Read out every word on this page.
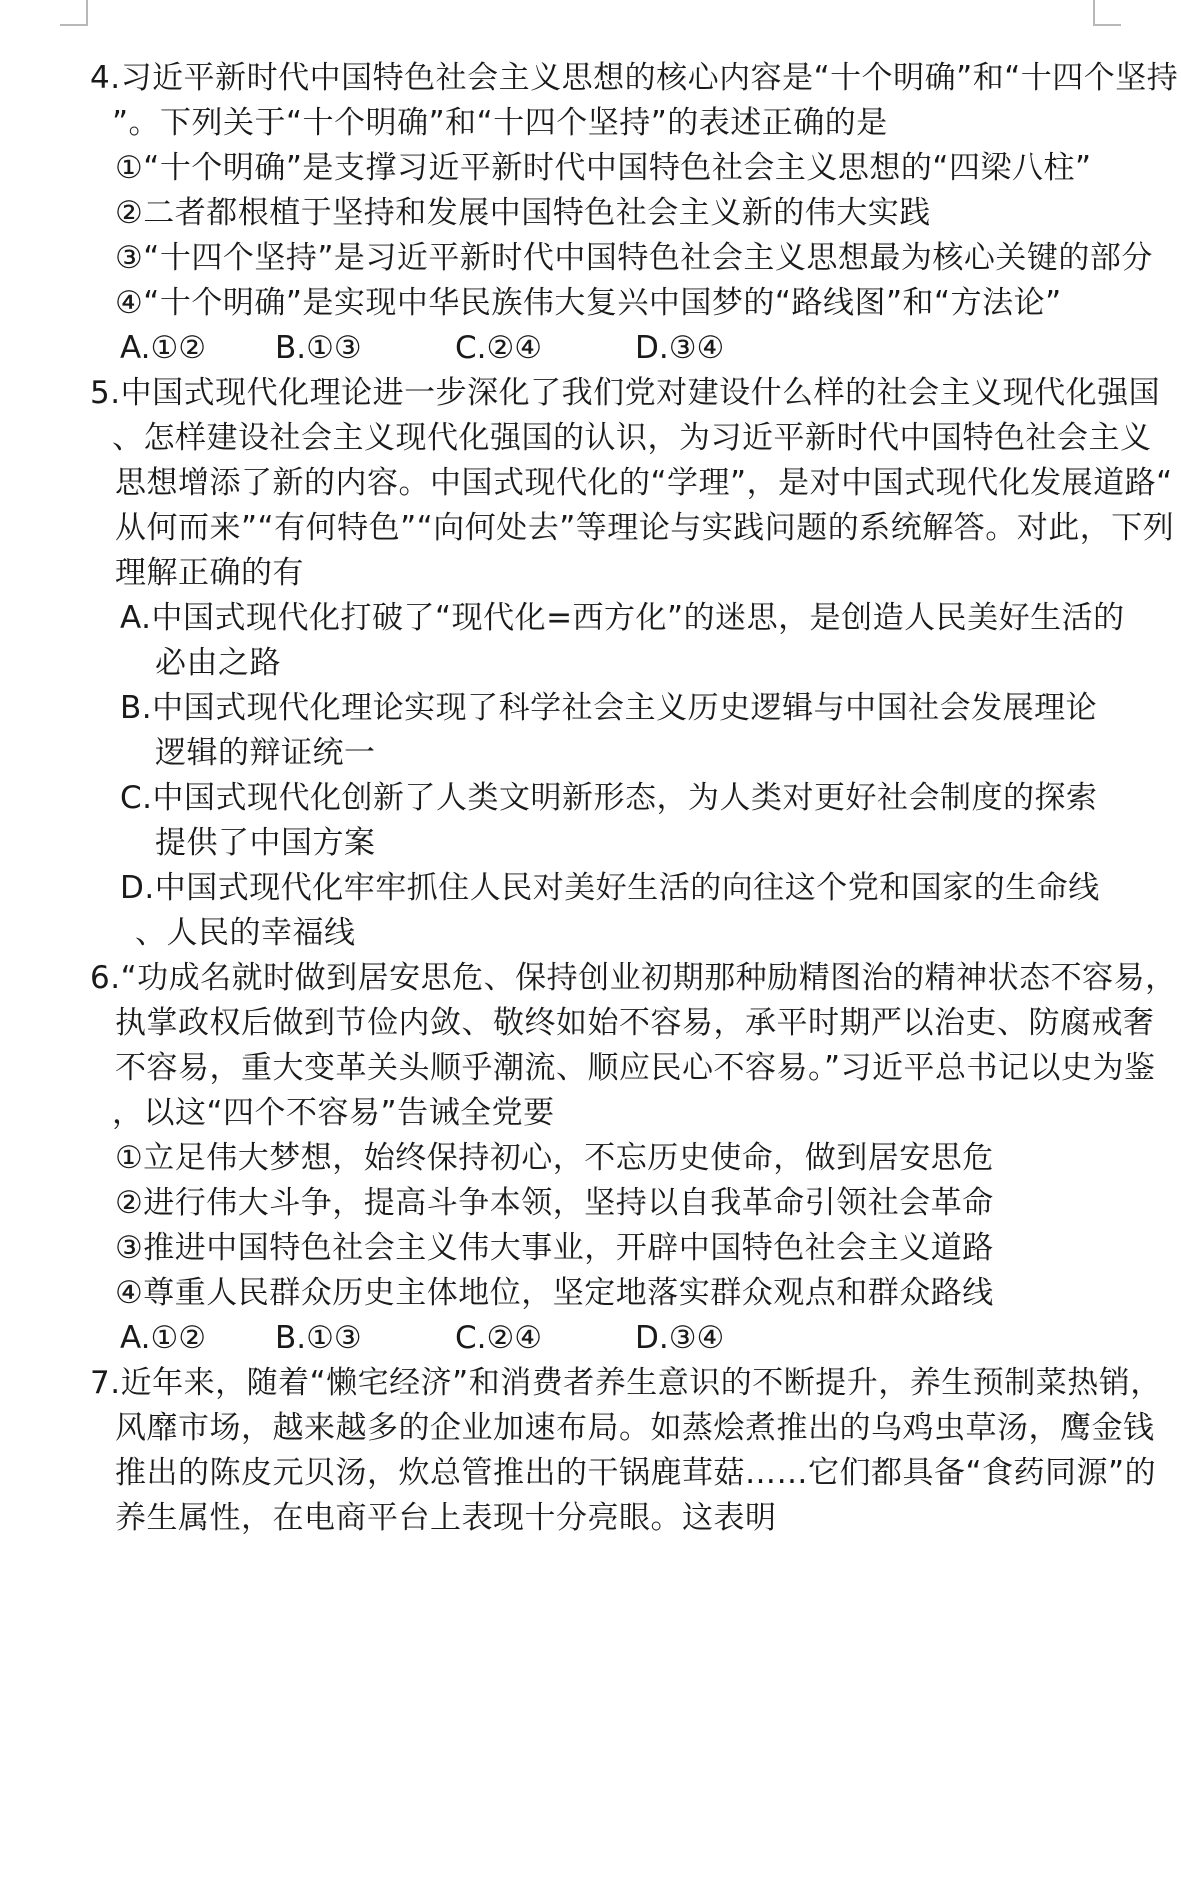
4.习近平新时代中国特色社会主义思想的核心内容是“十个明确”和“十四个坚持
”。下列关于“十个明确”和“十四个坚持”的表述正确的是
①“十个明确”是支撑习近平新时代中国特色社会主义思想的“四梁八柱”
②二者都根植于坚持和发展中国特色社会主义新的伟大实践
③“十四个坚持”是习近平新时代中国特色社会主义思想最为核心关键的部分
④“十个明确”是实现中华民族伟大复兴中国梦的“路线图”和“方法论”

A.①②

B.①③

	C.②④

	D.③④

5.中国式现代化理论进一步深化了我们党对建设什么样的社会主义现代化强国
、怎样建设社会主义现代化强国的认识，为习近平新时代中国特色社会主义
思想增添了新的内容。中国式现代化的“学理”，是对中国式现代化发展道路“
从何而来”“有何特色”“向何处去”等理论与实践问题的系统解答。对此，下列
理解正确的有
A.中国式现代化打破了“现代化=西方化”的迷思，是创造人民美好生活的
必由之路
B.中国式现代化理论实现了科学社会主义历史逻辑与中国社会发展理论
逻辑的辩证统一
C.中国式现代化创新了人类文明新形态，为人类对更好社会制度的探索
提供了中国方案
D.中国式现代化牢牢抓住人民对美好生活的向往这个党和国家的生命线
、人民的幸福线
6.“功成名就时做到居安思危、保持创业初期那种励精图治的精神状态不容易，
执掌政权后做到节俭内敛、敬终如始不容易，承平时期严以治吏、防腐戒奢
不容易，重大变革关头顺乎潮流、顺应民心不容易。”习近平总书记以史为鉴
，以这“四个不容易”告诫全党要
①立足伟大梦想，始终保持初心，不忘历史使命，做到居安思危
②进行伟大斗争，提高斗争本领，坚持以自我革命引领社会革命
③推进中国特色社会主义伟大事业，开辟中国特色社会主义道路
④尊重人民群众历史主体地位，坚定地落实群众观点和群众路线

A.①②

B.①③

	C.②④

	D.③④

7.近年来，随着“懒宅经济”和消费者养生意识的不断提升，养生预制菜热销，
风靡市场，越来越多的企业加速布局。如蒸烩煮推出的乌鸡虫草汤，鹰金钱
推出的陈皮元贝汤，炊总管推出的干锅鹿茸菇……它们都具备“食药同源”的
养生属性，在电商平台上表现十分亮眼。这表明
